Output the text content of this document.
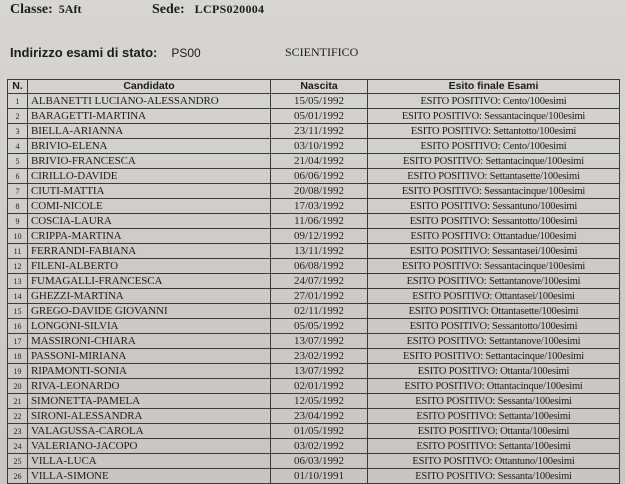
Classe: 5Aft	Sede: LCPS020004
Indirizzo esami di stato: PS00	SCIENTIFICO
N.	Candidato	Nascita	Esito finale Esami
1	ALBANETTI LUCIANO-ALESSANDRO	15/05/1992	ESITO POSITIVO: Cento/100esimi
2	BARAGETTI-MARTINA	05/01/1992	ESITO POSITIVO: Sessantacinque/100esimi
3	BIELLA-ARIANNA	23/11/1992	ESITO POSITIVO: Settantotto/100esimi
4	BRIVIO-ELENA	03/10/1992	ESITO POSITIVO: Cento/100esimi
5	BRIVIO-FRANCESCA	21/04/1992	ESITO POSITIVO: Settantacinque/100esimi
6	CIRILLO-DAVIDE	06/06/1992	ESITO POSITIVO: Settantasette/100esimi
7	CIUTI-MATTIA	20/08/1992	ESITO POSITIVO: Sessantacinque/100esimi
8	COMI-NICOLE	17/03/1992	ESITO POSITIVO: Sessantuno/100esimi
9	COSCIA-LAURA	11/06/1992	ESITO POSITIVO: Sessantotto/100esimi
10	CRIPPA-MARTINA	09/12/1992	ESITO POSITIVO: Ottantadue/100esimi
11	FERRANDI-FABIANA	13/11/1992	ESITO POSITIVO: Sessantasei/100esimi
12	FILENI-ALBERTO	06/08/1992	ESITO POSITIVO: Sessantacinque/100esimi
13	FUMAGALLI-FRANCESCA	24/07/1992	ESITO POSITIVO: Settantanove/100esimi
14	GHEZZI-MARTINA	27/01/1992	ESITO POSITIVO: Ottantasei/100esimi
15	GREGO-DAVIDE GIOVANNI	02/11/1992	ESITO POSITIVO: Ottantasette/100esimi
16	LONGONI-SILVIA	05/05/1992	ESITO POSITIVO: Sessantotto/100esimi
17	MASSIRONI-CHIARA	13/07/1992	ESITO POSITIVO: Settantanove/100esimi
18	PASSONI-MIRIANA	23/02/1992	ESITO POSITIVO: Settantacinque/100esimi
19	RIPAMONTI-SONIA	13/07/1992	ESITO POSITIVO: Ottanta/100esimi
20	RIVA-LEONARDO	02/01/1992	ESITO POSITIVO: Ottantacinque/100esimi
21	SIMONETTA-PAMELA	12/05/1992	ESITO POSITIVO: Sessanta/100esimi
22	SIRONI-ALESSANDRA	23/04/1992	ESITO POSITIVO: Settanta/100esimi
23	VALAGUSSA-CAROLA	01/05/1992	ESITO POSITIVO: Ottanta/100esimi
24	VALERIANO-JACOPO	03/02/1992	ESITO POSITIVO: Settanta/100esimi
25	VILLA-LUCA	06/03/1992	ESITO POSITIVO: Ottantuno/100esimi
26	VILLA-SIMONE	01/10/1991	ESITO POSITIVO: Sessanta/100esimi
